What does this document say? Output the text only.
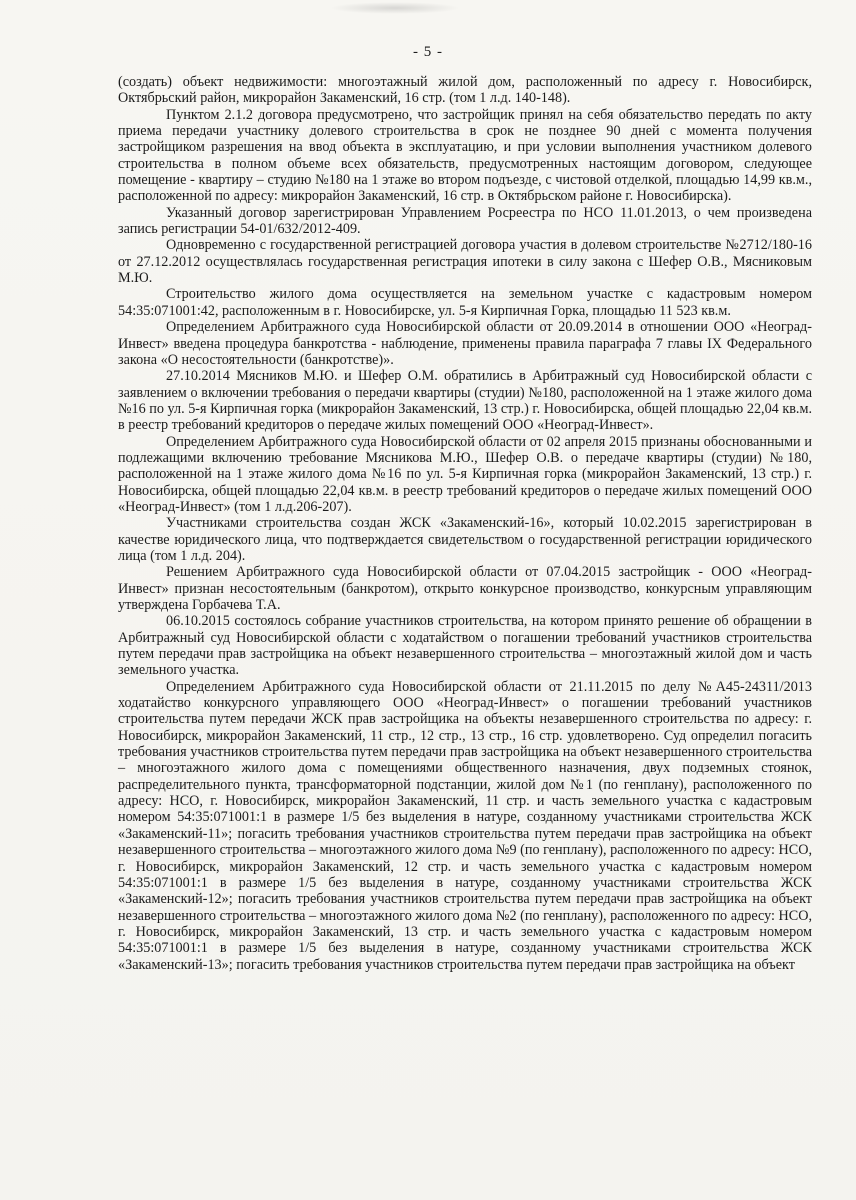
- 5 -

(создать) объект недвижимости: многоэтажный жилой дом, расположенный по адресу г. Новосибирск, Октябрьский район, микрорайон Закаменский, 16 стр. (том 1 л.д. 140-148).

Пунктом 2.1.2 договора предусмотрено, что застройщик принял на себя обязательство передать по акту приема передачи участнику долевого строительства в срок не позднее 90 дней с момента получения застройщиком разрешения на ввод объекта в эксплуатацию, и при условии выполнения участником долевого строительства в полном объеме всех обязательств, предусмотренных настоящим договором, следующее помещение - квартиру – студию №180 на 1 этаже во втором подъезде, с чистовой отделкой, площадью 14,99 кв.м., расположенной по адресу: микрорайон Закаменский, 16 стр. в Октябрьском районе г. Новосибирска).

Указанный договор зарегистрирован Управлением Росреестра по НСО 11.01.2013, о чем произведена запись регистрации 54-01/632/2012-409.

Одновременно с государственной регистрацией договора участия в долевом строительстве №2712/180-16 от 27.12.2012 осуществлялась государственная регистрация ипотеки в силу закона с Шефер О.В., Мясниковым М.Ю.

Строительство жилого дома осуществляется на земельном участке с кадастровым номером 54:35:071001:42, расположенным в г. Новосибирске, ул. 5-я Кирпичная Горка, площадью 11 523 кв.м.

Определением Арбитражного суда Новосибирской области от 20.09.2014 в отношении ООО «Неоград-Инвест» введена процедура банкротства - наблюдение, применены правила параграфа 7 главы IX Федерального закона «О несостоятельности (банкротстве)».

27.10.2014 Мясников М.Ю. и Шефер О.М. обратились в Арбитражный суд Новосибирской области с заявлением о включении требования о передачи квартиры (студии) №180, расположенной на 1 этаже жилого дома №16 по ул. 5-я Кирпичная горка (микрорайон Закаменский, 13 стр.) г. Новосибирска, общей площадью 22,04 кв.м. в реестр требований кредиторов о передаче жилых помещений ООО «Неоград-Инвест».

Определением Арбитражного суда Новосибирской области от 02 апреля 2015 признаны обоснованными и подлежащими включению требование Мясникова М.Ю., Шефер О.В. о передаче квартиры (студии) №180, расположенной на 1 этаже жилого дома №16 по ул. 5-я Кирпичная горка (микрорайон Закаменский, 13 стр.) г. Новосибирска, общей площадью 22,04 кв.м. в реестр требований кредиторов о передаче жилых помещений ООО «Неоград-Инвест» (том 1 л.д.206-207).

Участниками строительства создан ЖСК «Закаменский-16», который 10.02.2015 зарегистрирован в качестве юридического лица, что подтверждается свидетельством о государственной регистрации юридического лица (том 1 л.д. 204).

Решением Арбитражного суда Новосибирской области от 07.04.2015 застройщик - ООО «Неоград-Инвест» признан несостоятельным (банкротом), открыто конкурсное производство, конкурсным управляющим утверждена Горбачева Т.А.

06.10.2015 состоялось собрание участников строительства, на котором принято решение об обращении в Арбитражный суд Новосибирской области с ходатайством о погашении требований участников строительства путем передачи прав застройщика на объект незавершенного строительства – многоэтажный жилой дом и часть земельного участка.

Определением Арбитражного суда Новосибирской области от 21.11.2015 по делу №А45-24311/2013 ходатайство конкурсного управляющего ООО «Неоград-Инвест» о погашении требований участников строительства путем передачи ЖСК прав застройщика на объекты незавершенного строительства по адресу: г. Новосибирск, микрорайон Закаменский, 11 стр., 12 стр., 13 стр., 16 стр. удовлетворено. Суд определил погасить требования участников строительства путем передачи прав застройщика на объект незавершенного строительства – многоэтажного жилого дома с помещениями общественного назначения, двух подземных стоянок, распределительного пункта, трансформаторной подстанции, жилой дом №1 (по генплану), расположенного по адресу: НСО, г. Новосибирск, микрорайон Закаменский, 11 стр. и часть земельного участка с кадастровым номером 54:35:071001:1 в размере 1/5 без выделения в натуре, созданному участниками строительства ЖСК «Закаменский-11»; погасить требования участников строительства путем передачи прав застройщика на объект незавершенного строительства – многоэтажного жилого дома №9 (по генплану), расположенного по адресу: НСО, г. Новосибирск, микрорайон Закаменский, 12 стр. и часть земельного участка с кадастровым номером 54:35:071001:1 в размере 1/5 без выделения в натуре, созданному участниками строительства ЖСК «Закаменский-12»; погасить требования участников строительства путем передачи прав застройщика на объект незавершенного строительства – многоэтажного жилого дома №2 (по генплану), расположенного по адресу: НСО, г. Новосибирск, микрорайон Закаменский, 13 стр. и часть земельного участка с кадастровым номером 54:35:071001:1 в размере 1/5 без выделения в натуре, созданному участниками строительства ЖСК «Закаменский-13»; погасить требования участников строительства путем передачи прав застройщика на объект
